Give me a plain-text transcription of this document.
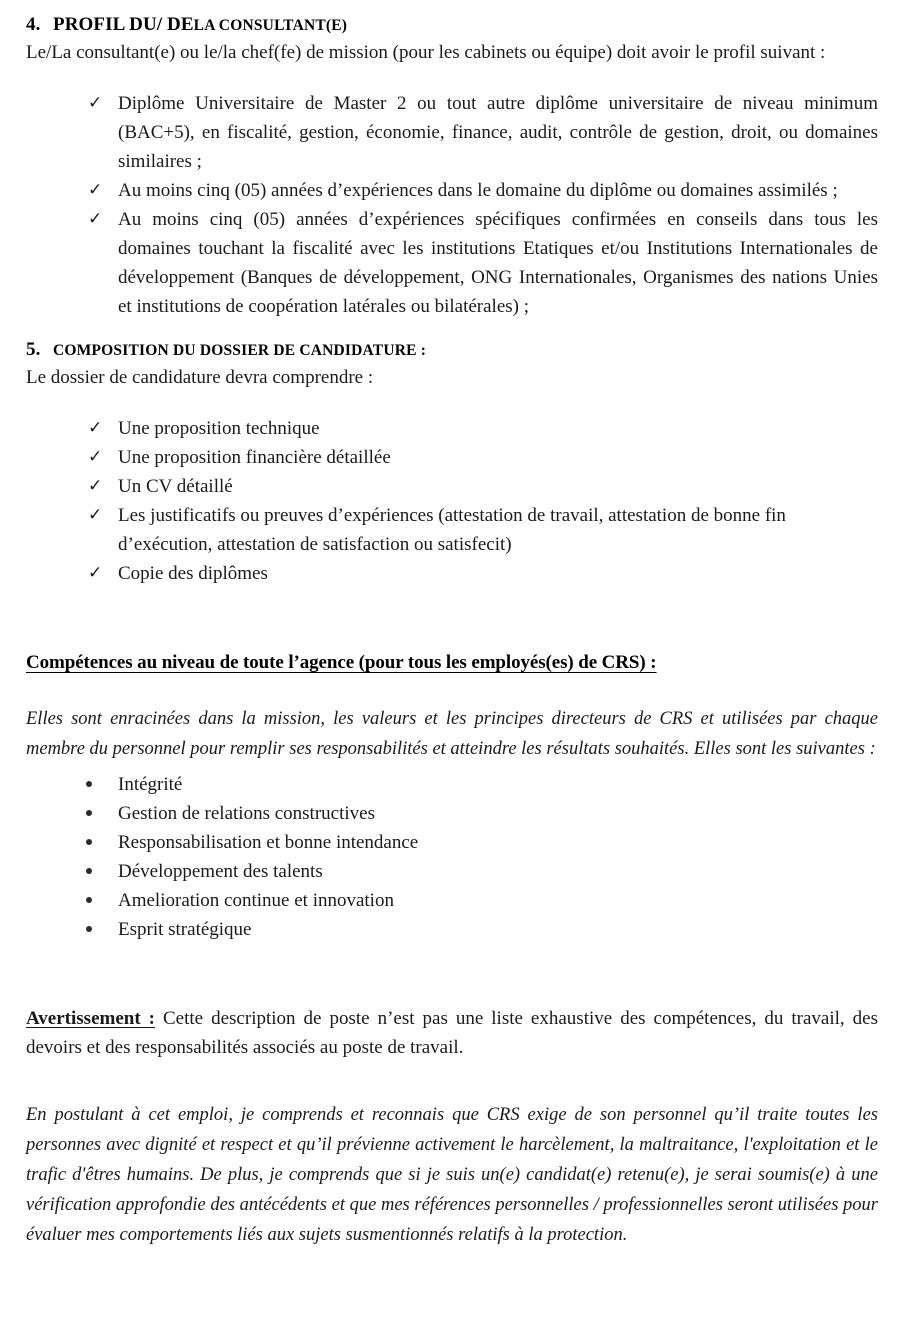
4. PROFIL DU/ DELA CONSULTANT(E)

Le/La consultant(e) ou le/la chef(fe) de mission (pour les cabinets ou équipe) doit avoir le profil suivant :

✓ Diplôme Universitaire de Master 2 ou tout autre diplôme universitaire de niveau minimum (BAC+5), en fiscalité, gestion, économie, finance, audit, contrôle de gestion, droit, ou domaines similaires ;
✓ Au moins cinq (05) années d’expériences dans le domaine du diplôme ou domaines assimilés ;
✓ Au moins cinq (05) années d’expériences spécifiques confirmées en conseils dans tous les domaines touchant la fiscalité avec les institutions Etatiques et/ou Institutions Internationales de développement (Banques de développement, ONG Internationales, Organismes des nations Unies et institutions de coopération latérales ou bilatérales) ;
5. COMPOSITION DU DOSSIER DE CANDIDATURE :

Le dossier de candidature devra comprendre :

✓ Une proposition technique
✓ Une proposition financière détaillée
✓ Un CV détaillé
✓ Les justificatifs ou preuves d’expériences (attestation de travail, attestation de bonne fin d’exécution, attestation de satisfaction ou satisfecit)
✓ Copie des diplômes

Compétences au niveau de toute l’agence (pour tous les employés(es) de CRS) :

Elles sont enracinées dans la mission, les valeurs et les principes directeurs de CRS et utilisées par chaque membre du personnel pour remplir ses responsabilités et atteindre les résultats souhaités. Elles sont les suivantes :

Intégrité
Gestion de relations constructives
Responsabilisation et bonne intendance
Développement des talents
Amelioration continue et innovation
Esprit stratégique

Avertissement : Cette description de poste n’est pas une liste exhaustive des compétences, du travail, des devoirs et des responsabilités associés au poste de travail.

En postulant à cet emploi, je comprends et reconnais que CRS exige de son personnel qu’il traite toutes les personnes avec dignité et respect et qu’il prévienne activement le harcèlement, la maltraitance, l'exploitation et le trafic d'êtres humains. De plus, je comprends que si je suis un(e) candidat(e) retenu(e), je serai soumis(e) à une vérification approfondie des antécédents et que mes références personnelles / professionnelles seront utilisées pour évaluer mes comportements liés aux sujets susmentionnés relatifs à la protection.
